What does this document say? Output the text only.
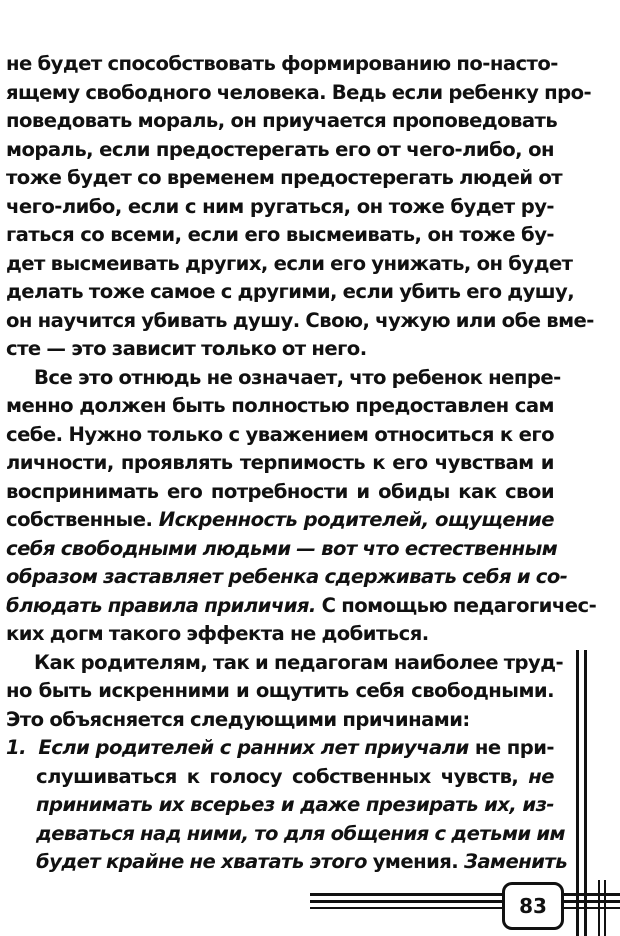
не будет способствовать формированию по-насто-
ящему свободного человека. Ведь если ребенку про-
поведовать мораль, он приучается проповедовать
мораль, если предостерегать его от чего-либо, он
тоже будет со временем предостерегать людей от
чего-либо, если с ним ругаться, он тоже будет ру-
гаться со всеми, если его высмеивать, он тоже бу-
дет высмеивать других, если его унижать, он будет
делать тоже самое с другими, если убить его душу,
он научится убивать душу. Свою, чужую или обе вме-
сте — это зависит только от него.
Все это отнюдь не означает, что ребенок непре-
менно должен быть полностью предоставлен сам
себе. Нужно только с уважением относиться к его
личности, проявлять терпимость к его чувствам и
воспринимать его потребности и обиды как свои
собственные. Искренность родителей, ощущение
себя свободными людьми — вот что естественным
образом заставляет ребенка сдерживать себя и со-
блюдать правила приличия. С помощью педагогичес-
ких догм такого эффекта не добиться.
Как родителям, так и педагогам наиболее труд-
но быть искренними и ощутить себя свободными.
Это объясняется следующими причинами:
1. Если родителей с ранних лет приучали не при-
слушиваться к голосу собственных чувств, не
принимать их всерьез и даже презирать их, из-
деваться над ними, то для общения с детьми им
будет крайне не хватать этого умения. Заменить
83
